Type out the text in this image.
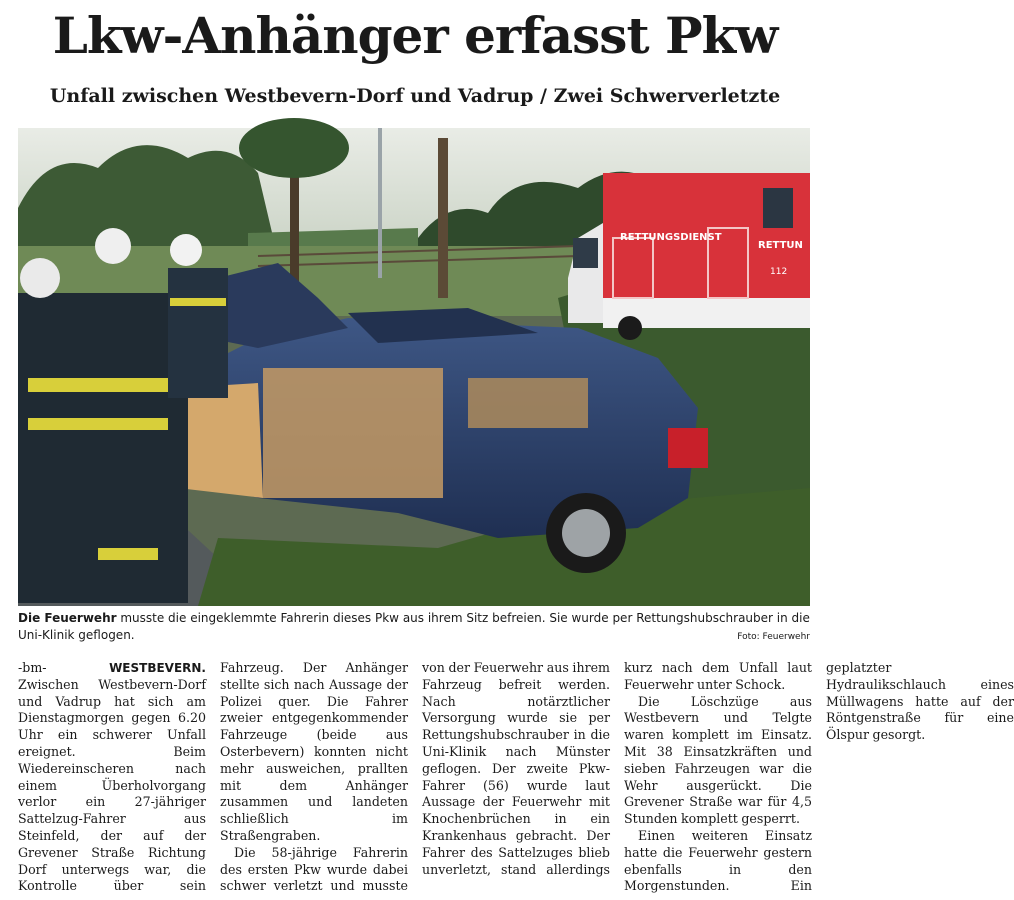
Lkw-Anhänger erfasst Pkw
Unfall zwischen Westbevern-Dorf und Vadrup / Zwei Schwerverletzte
RETTUNGSDIENST
RETTUN
112
Die Feuerwehr musste die eingeklemmte Fahrerin dieses Pkw aus ihrem Sitz befreien. Sie wurde per Rettungshubschrauber in die Uni-Klinik geflogen.	Foto: Feuerwehr

-bm-	WESTBEVERN. Zwischen Westbevern-Dorf und Vadrup hat sich am Dienstagmorgen gegen 6.20 Uhr ein schwerer Unfall ereignet. Beim Wiedereinscheren nach einem Überholvorgang verlor ein 27-jähriger Sattelzug-Fahrer aus Steinfeld, der auf der Grevener Straße Richtung Dorf unterwegs war, die Kontrolle über sein Fahrzeug. Der Anhänger stellte sich nach Aussage der Polizei quer. Die Fahrer zweier entgegenkommender Fahrzeuge (beide aus Osterbevern) konnten nicht mehr ausweichen, prallten mit dem Anhänger zusammen und landeten schließlich im Straßengraben.

Die 58-jährige Fahrerin des ersten Pkw wurde dabei schwer verletzt und musste von der Feuerwehr aus ihrem Fahrzeug befreit werden. Nach notärztlicher Versorgung wurde sie per Rettungshubschrauber in die Uni-Klinik nach Münster geflogen. Der zweite Pkw-Fahrer (56) wurde laut Aussage der Feuerwehr mit Knochenbrüchen in ein Krankenhaus gebracht. Der Fahrer des Sattelzuges blieb unverletzt, stand allerdings kurz nach dem Unfall laut Feuerwehr unter Schock.

Die Löschzüge aus Westbevern und Telgte waren komplett im Einsatz. Mit 38 Einsatzkräften und sieben Fahrzeugen war die Wehr ausgerückt. Die Grevener Straße war für 4,5 Stunden komplett gesperrt.

Einen weiteren Einsatz hatte die Feuerwehr gestern ebenfalls in den Morgenstunden. Ein geplatzter Hydraulikschlauch eines Müllwagens hatte auf der Röntgenstraße für eine Ölspur gesorgt.
